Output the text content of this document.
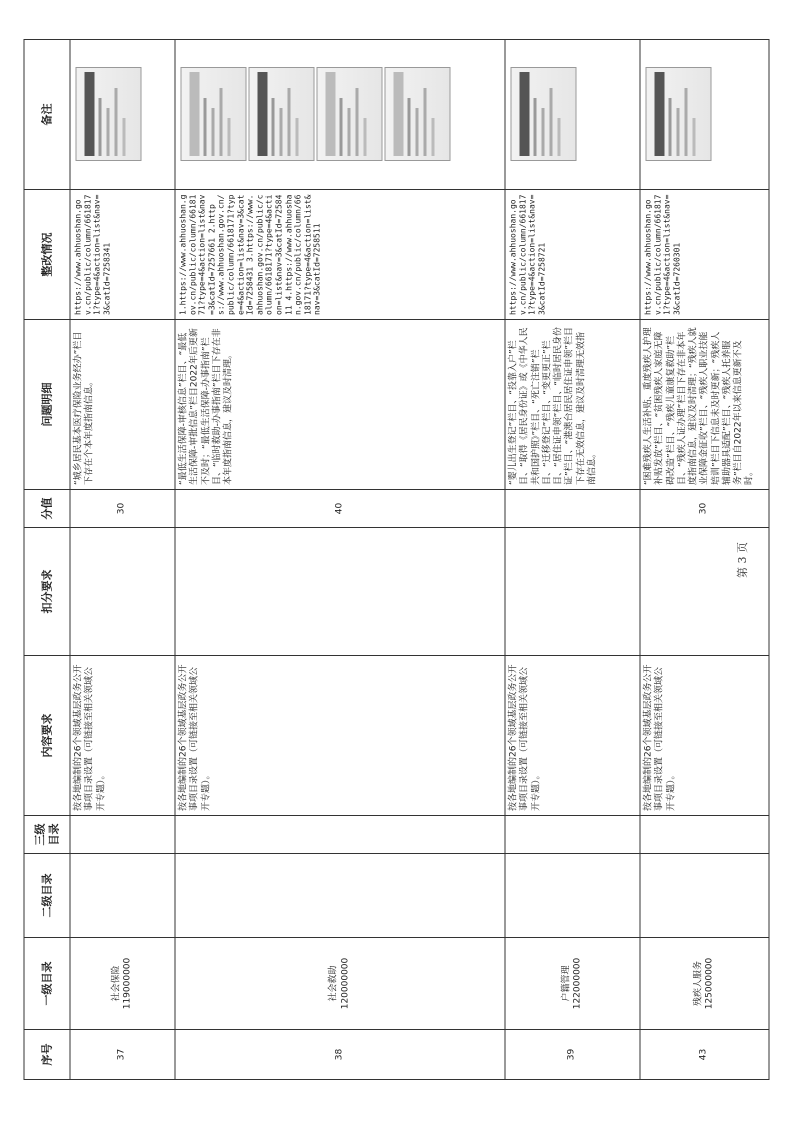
序号	一级目录	二级目录	三级目录	内容要求	扣分要求	分值	问题明细	整改情况	备注
37	社会保险 119000000			按各地编制的26个领域基层政务公开事项目录设置（可链接至相关领域公开专题）。		30	“城乡居民基本医疗保险业务经办”栏目下存在个本年度指南信息。	https://www.ahhuoshan.gov.cn/public/column/6618171?type=4&action=list&nav=3&catId=7258341	

38	社会救助 120000000			按各地编制的26个领域基层政务公开事项目录设置（可链接至相关领域公开专题）。		40	“最低生活保障-审核信息”栏目、“最低生活保障-审批信息”栏目2022年后更新不及时；“最低生活保障-办事指南”栏目、“临时救助-办事指南”栏目下存在非本年度指南信息，建议及时清理。	1.https://www.ahhuoshan.gov.cn/public/column/6618171?type=4&action=list&nav=3&catId=7257661 2.https://www.ahhuoshan.gov.cn/public/column/6618171?type=4&action=list&nav=3&catId=7258431 3.https://www.ahhuoshan.gov.cn/public/column/6618171?type=4&action=list&nav=3&catId=7258411 4.https://www.ahhuoshan.gov.cn/public/column/6618171?type=4&action=list&nav=3&catId=7258511	

39	户籍管理 122000000			按各地编制的26个领域基层政务公开事项目录设置（可链接至相关领域公开专题）。			“婴儿出生登记”栏目、“投靠入户”栏目、“取得《居民身份证》或《中华人民共和国护照》”栏目、“死亡注销”栏目、“迁移登记”栏目、“变更更正”栏目、“居住证申领”栏目、“临时居民身份证”栏目、“港澳台居民居住证申领”栏目下存在无效信息，建议及时清理无效指南信息。	https://www.ahhuoshan.gov.cn/public/column/6618171?type=4&action=list&nav=3&catId=7258721	

43	残疾人服务 125000000			按各地编制的26个领域基层政务公开事项目录设置（可链接至相关领域公开专题）。		30	“困难残疾人生活补贴、重度残疾人护理补贴发放”栏目、“贫困残疾人家庭无障碍改造”栏目、“残疾儿童康复救助”栏目、“残疾人证办理”栏目下存在非本年度指南信息，建议及时清理；“残疾人就业保障金征收”栏目、“残疾人职业技能培训”栏目下信息未及时更新；“残疾人辅助器具适配”栏目、“残疾人托养服务”栏目自2022年以来信息更新不及时。	https://www.ahhuoshan.gov.cn/public/column/6618171?type=4&action=list&nav=3&catId=7260301	
第 3 页
